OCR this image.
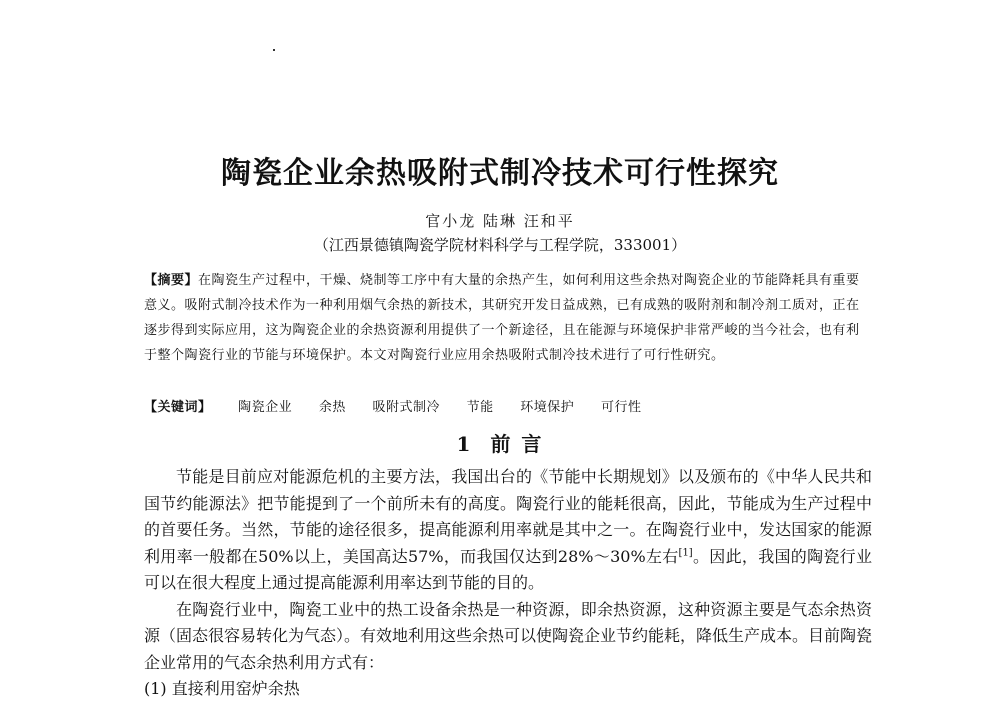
陶瓷企业余热吸附式制冷技术可行性探究
官小龙 陆琳 汪和平
（江西景德镇陶瓷学院材料科学与工程学院，333001）
【摘要】在陶瓷生产过程中，干燥、烧制等工序中有大量的余热产生，如何利用这些余热对陶瓷企业的节能降耗具有重要意义。吸附式制冷技术作为一种利用烟气余热的新技术，其研究开发日益成熟，已有成熟的吸附剂和制冷剂工质对，正在逐步得到实际应用，这为陶瓷企业的余热资源利用提供了一个新途径，且在能源与环境保护非常严峻的当今社会，也有利于整个陶瓷行业的节能与环境保护。本文对陶瓷行业应用余热吸附式制冷技术进行了可行性研究。
【关键词】 陶瓷企业 余热 吸附式制冷 节能 环境保护 可行性
1 前 言

节能是目前应对能源危机的主要方法，我国出台的《节能中长期规划》以及颁布的《中华人民共和国节约能源法》把节能提到了一个前所未有的高度。陶瓷行业的能耗很高，因此，节能成为生产过程中的首要任务。当然，节能的途径很多，提高能源利用率就是其中之一。在陶瓷行业中，发达国家的能源利用率一般都在50%以上，美国高达57%，而我国仅达到28%～30%左右[1]。因此，我国的陶瓷行业可以在很大程度上通过提高能源利用率达到节能的目的。

在陶瓷行业中，陶瓷工业中的热工设备余热是一种资源，即余热资源，这种资源主要是气态余热资源（固态很容易转化为气态）。有效地利用这些余热可以使陶瓷企业节约能耗，降低生产成本。目前陶瓷企业常用的气态余热利用方式有：

(1) 直接利用窑炉余热
